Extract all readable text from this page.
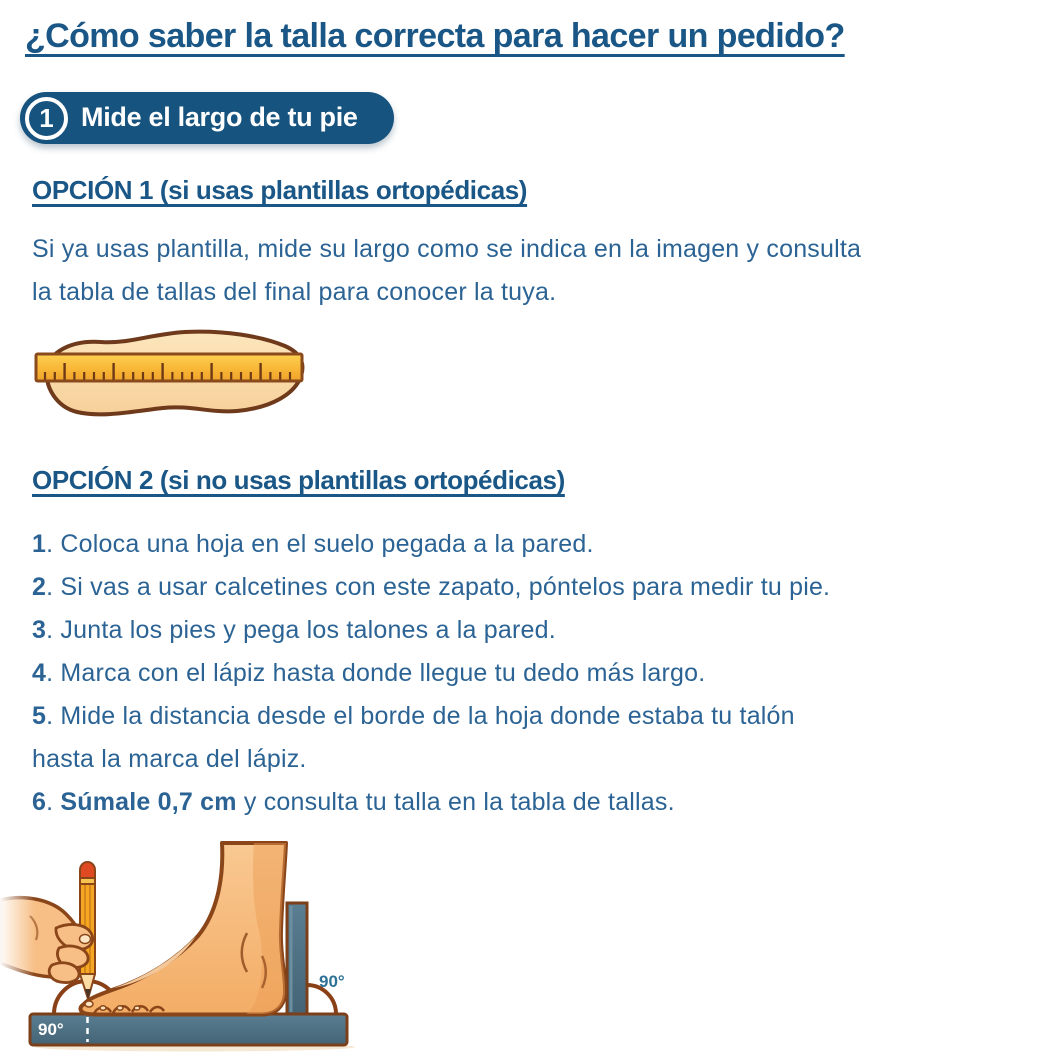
¿Cómo saber la talla correcta para hacer un pedido?
1 Mide el largo de tu pie
OPCIÓN 1 (si usas plantillas ortopédicas)

Si ya usas plantilla, mide su largo como se indica en la imagen y consulta
la tabla de tallas del final para conocer la tuya.

OPCIÓN 2 (si no usas plantillas ortopédicas)
1. Coloca una hoja en el suelo pegada a la pared.
2. Si vas a usar calcetines con este zapato, póntelos para medir tu pie.
3. Junta los pies y pega los talones a la pared.
4. Marca con el lápiz hasta donde llegue tu dedo más largo.
5. Mide la distancia desde el borde de la hoja donde estaba tu talón
hasta la marca del lápiz.
6. Súmale 0,7 cm y consulta tu talla en la tabla de tallas.
90°
90°
